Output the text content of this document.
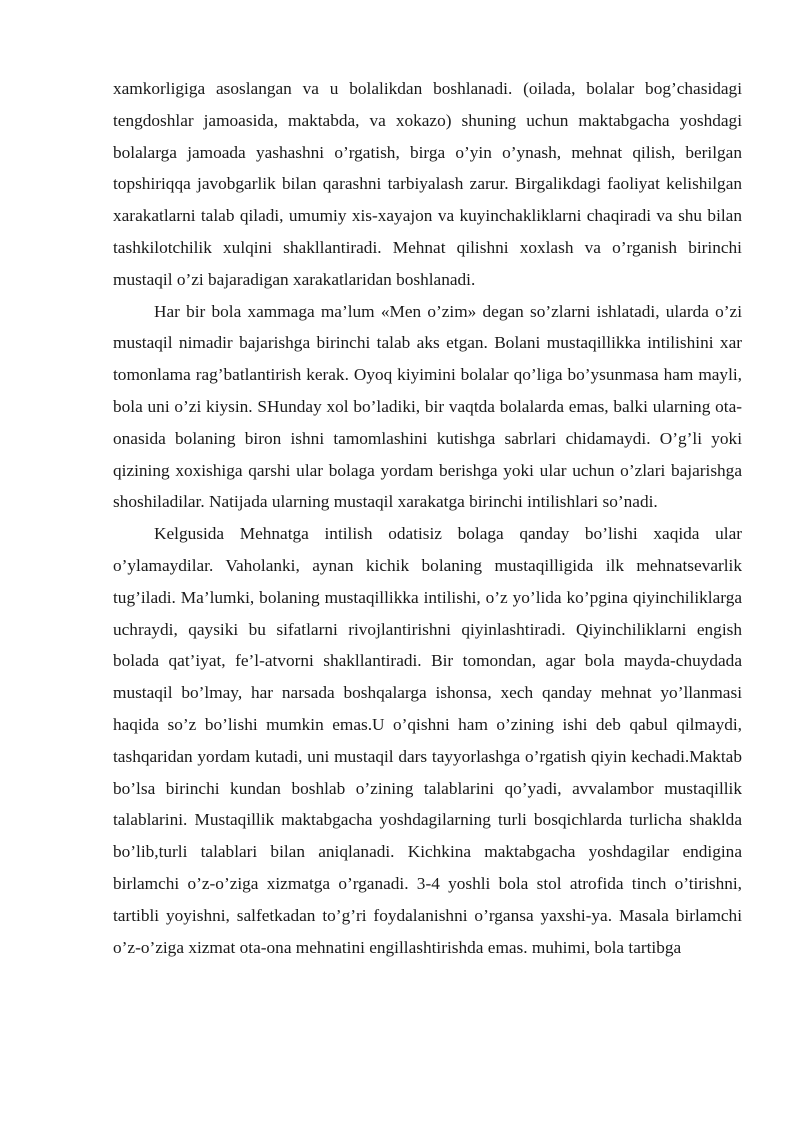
xamkorligiga asoslangan va u bolalikdan boshlanadi. (oilada, bolalar bog’chasidagi tengdoshlar jamoasida, maktabda, va xokazo) shuning uchun maktabgacha yoshdagi bolalarga jamoada yashashni o’rgatish, birga o’yin o’ynash, mehnat qilish, berilgan topshiriqqa javobgarlik bilan qarashni tarbiyalash zarur. Birgalikdagi faoliyat kelishilgan xarakatlarni talab qiladi, umumiy xis-xayajon va kuyinchakliklarni chaqiradi va shu bilan tashkilotchilik xulqini shakllantiradi. Mehnat qilishni xoxlash va o’rganish birinchi mustaqil o’zi bajaradigan xarakatlaridan boshlanadi.

Har bir bola xammaga ma’lum «Men o’zim» degan so’zlarni ishlatadi, ularda o’zi mustaqil nimadir bajarishga birinchi talab aks etgan. Bolani mustaqillikka intilishini xar tomonlama rag’batlantirish kerak. Oyoq kiyimini bolalar qo’liga bo’ysunmasa ham mayli, bola uni o’zi kiysin. SHunday xol bo’ladiki, bir vaqtda bolalarda emas, balki ularning ota-onasida bolaning biron ishni tamomlashini kutishga sabrlari chidamaydi. O’g’li yoki qizining xoxishiga qarshi ular bolaga yordam berishga yoki ular uchun o’zlari bajarishga shoshiladilar. Natijada ularning mustaqil xarakatga birinchi intilishlari so’nadi.

Kelgusida Mehnatga intilish odatisiz bolaga qanday bo’lishi xaqida ular o’ylamaydilar. Vaholanki, aynan kichik bolaning mustaqilligida ilk mehnatsevarlik tug’iladi. Ma’lumki, bolaning mustaqillikka intilishi, o’z yo’lida ko’pgina qiyinchiliklarga uchraydi, qaysiki bu sifatlarni rivojlantirishni qiyinlashtiradi. Qiyinchiliklarni engish bolada qat’iyat, fe’l-atvorni shakllantiradi. Bir tomondan, agar bola mayda-chuydada mustaqil bo’lmay, har narsada boshqalarga ishonsa, xech qanday mehnat yo’llanmasi haqida so’z bo’lishi mumkin emas.U o’qishni ham o’zining ishi deb qabul qilmaydi, tashqaridan yordam kutadi, uni mustaqil dars tayyorlashga o’rgatish qiyin kechadi.Maktab bo’lsa birinchi kundan boshlab o’zining talablarini qo’yadi, avvalambor mustaqillik talablarini. Mustaqillik maktabgacha yoshdagilarning turli bosqichlarda turlicha shaklda bo’lib,turli talablari bilan aniqlanadi. Kichkina maktabgacha yoshdagilar endigina birlamchi o’z-o’ziga xizmatga o’rganadi. 3-4 yoshli bola stol atrofida tinch o’tirishni, tartibli yoyishni, salfetkadan to’g’ri foydalanishni o’rgansa yaxshi-ya. Masala birlamchi o’z-o’ziga xizmat ota-ona mehnatini engillashtirishda emas. muhimi, bola tartibga
